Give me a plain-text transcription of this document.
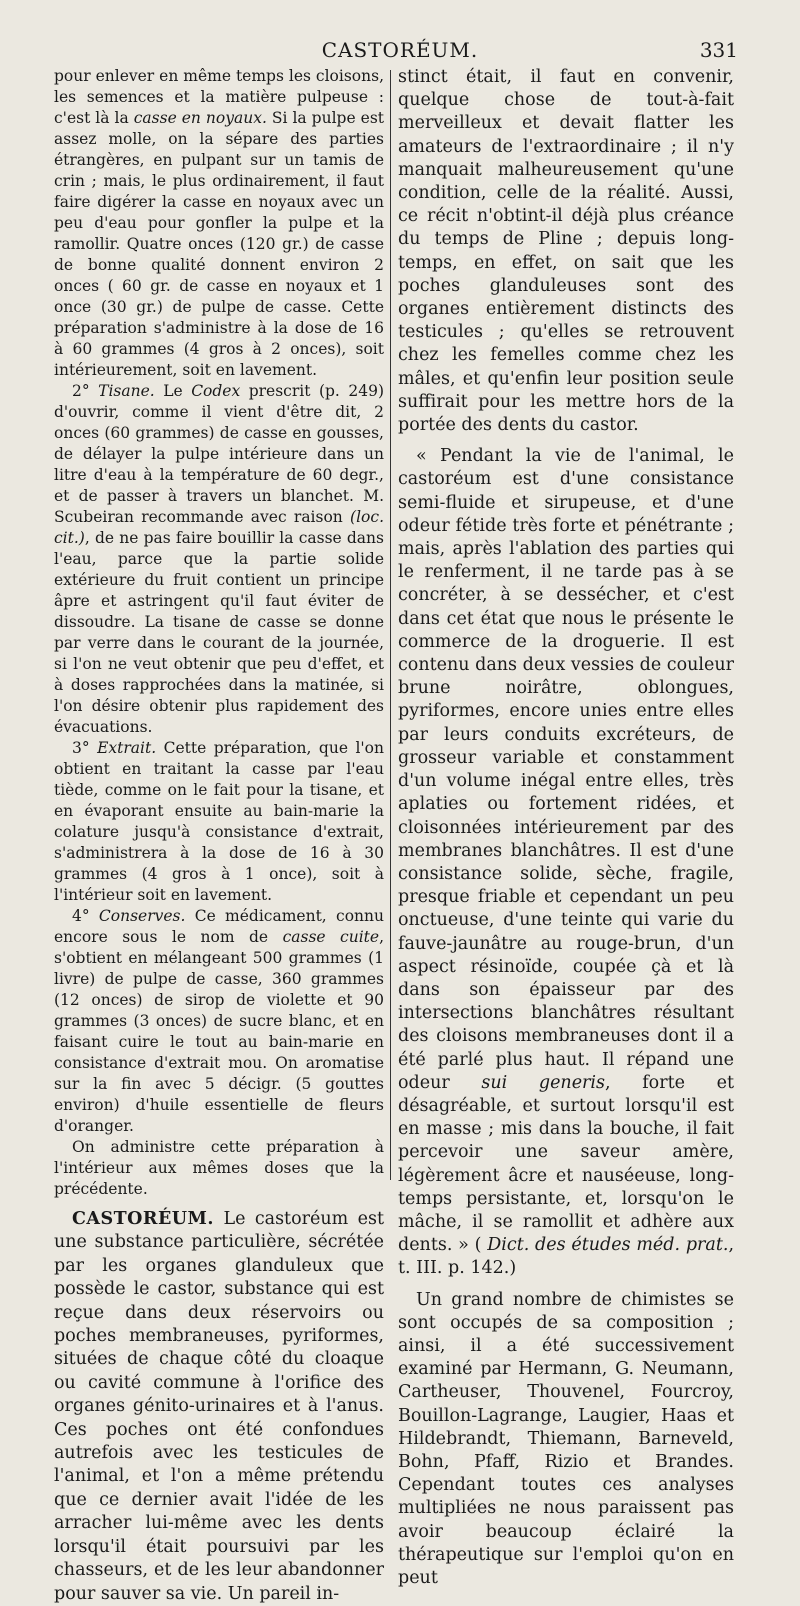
CASTORÉUM.	331

pour enlever en même temps les cloisons, les semences et la matière pulpeuse : c'est là la casse en noyaux. Si la pulpe est assez molle, on la sépare des parties étrangères, en pulpant sur un tamis de crin ; mais, le plus ordinairement, il faut faire digérer la casse en noyaux avec un peu d'eau pour gonfler la pulpe et la ramollir. Quatre onces (120 gr.) de casse de bonne qualité donnent environ 2 onces ( 60 gr. de casse en noyaux et 1 once (30 gr.) de pulpe de casse. Cette préparation s'administre à la dose de 16 à 60 grammes (4 gros à 2 onces), soit intérieurement, soit en lavement.

2° Tisane. Le Codex prescrit (p. 249) d'ouvrir, comme il vient d'être dit, 2 onces (60 grammes) de casse en gousses, de délayer la pulpe intérieure dans un litre d'eau à la température de 60 degr., et de passer à travers un blanchet. M. Scubeiran recommande avec raison (loc. cit.), de ne pas faire bouillir la casse dans l'eau, parce que la partie solide extérieure du fruit contient un principe âpre et astringent qu'il faut éviter de dissoudre. La tisane de casse se donne par verre dans le courant de la journée, si l'on ne veut obtenir que peu d'effet, et à doses rapprochées dans la matinée, si l'on désire obtenir plus rapidement des évacuations.

3° Extrait. Cette préparation, que l'on obtient en traitant la casse par l'eau tiède, comme on le fait pour la tisane, et en évaporant ensuite au bain-marie la colature jusqu'à consistance d'extrait, s'administrera à la dose de 16 à 30 grammes (4 gros à 1 once), soit à l'intérieur soit en lavement.

4° Conserves. Ce médicament, connu encore sous le nom de casse cuite, s'obtient en mélangeant 500 grammes (1 livre) de pulpe de casse, 360 grammes (12 onces) de sirop de violette et 90 grammes (3 onces) de sucre blanc, et en faisant cuire le tout au bain-marie en consistance d'extrait mou. On aromatise sur la fin avec 5 décigr. (5 gouttes environ) d'huile essentielle de fleurs d'oranger.

On administre cette préparation à l'intérieur aux mêmes doses que la précédente.

CASTORÉUM. Le castoréum est une substance particulière, sécrétée par les organes glanduleux que possède le castor, substance qui est reçue dans deux réservoirs ou poches membraneuses, pyriformes, situées de chaque côté du cloaque ou cavité commune à l'orifice des organes génito-urinaires et à l'anus. Ces poches ont été confondues autrefois avec les testicules de l'animal, et l'on a même prétendu que ce dernier avait l'idée de les arracher lui-même avec les dents lorsqu'il était poursuivi par les chasseurs, et de les leur abandonner pour sauver sa vie. Un pareil in-

stinct était, il faut en convenir, quelque chose de tout-à-fait merveilleux et devait flatter les amateurs de l'extraordinaire ; il n'y manquait malheureusement qu'une condition, celle de la réalité. Aussi, ce récit n'obtint-il déjà plus créance du temps de Pline ; depuis long-temps, en effet, on sait que les poches glanduleuses sont des organes entièrement distincts des testicules ; qu'elles se retrouvent chez les femelles comme chez les mâles, et qu'enfin leur position seule suffirait pour les mettre hors de la portée des dents du castor.

« Pendant la vie de l'animal, le castoréum est d'une consistance semi-fluide et sirupeuse, et d'une odeur fétide très forte et pénétrante ; mais, après l'ablation des parties qui le renferment, il ne tarde pas à se concréter, à se dessécher, et c'est dans cet état que nous le présente le commerce de la droguerie. Il est contenu dans deux vessies de couleur brune noirâtre, oblongues, pyriformes, encore unies entre elles par leurs conduits excréteurs, de grosseur variable et constamment d'un volume inégal entre elles, très aplaties ou fortement ridées, et cloisonnées intérieurement par des membranes blanchâtres. Il est d'une consistance solide, sèche, fragile, presque friable et cependant un peu onctueuse, d'une teinte qui varie du fauve-jaunâtre au rouge-brun, d'un aspect résinoïde, coupée çà et là dans son épaisseur par des intersections blanchâtres résultant des cloisons membraneuses dont il a été parlé plus haut. Il répand une odeur sui generis, forte et désagréable, et surtout lorsqu'il est en masse ; mis dans la bouche, il fait percevoir une saveur amère, légèrement âcre et nauséeuse, long-temps persistante, et, lorsqu'on le mâche, il se ramollit et adhère aux dents. » ( Dict. des études méd. prat., t. III. p. 142.)

Un grand nombre de chimistes se sont occupés de sa composition ; ainsi, il a été successivement examiné par Hermann, G. Neumann, Cartheuser, Thouvenel, Fourcroy, Bouillon-Lagrange, Laugier, Haas et Hildebrandt, Thiemann, Barneveld, Bohn, Pfaff, Rizio et Brandes. Cependant toutes ces analyses multipliées ne nous paraissent pas avoir beaucoup éclairé la thérapeutique sur l'emploi qu'on en peut
